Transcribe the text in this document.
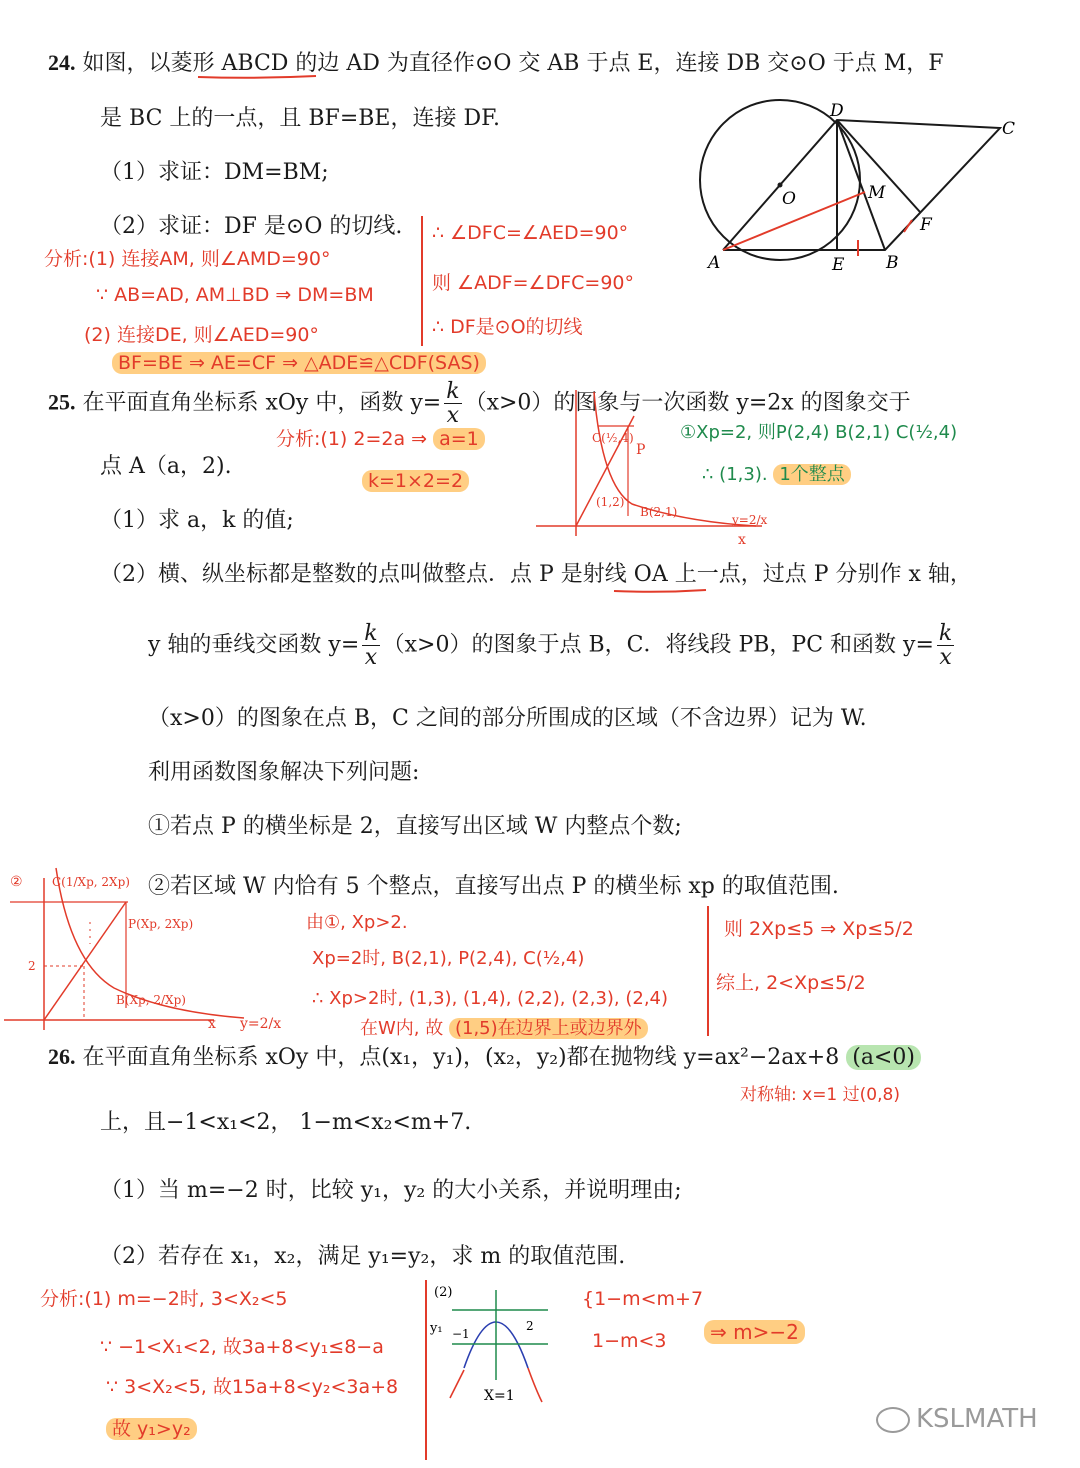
24. 如图，以菱形 ABCD 的边 AD 为直径作⊙O 交 AB 于点 E，连接 DB 交⊙O 于点 M，F
是 BC 上的一点，且 BF=BE，连接 DF.
（1）求证：DM=BM;
（2）求证：DF 是⊙O 的切线.
D
C
O	M
F
A	E B
分析:(1) 连接AM, 则∠AMD=90°
∵ AB=AD, AM⊥BD ⇒ DM=BM
(2) 连接DE, 则∠AED=90°
BF=BE ⇒ AE=CF ⇒ △ADE≌△CDF(SAS)
∴ ∠DFC=∠AED=90°
则 ∠ADF=∠DFC=90°
∴ DF是⊙O的切线
25. 在平面直角坐标系 xOy 中，函数 $y= \frac{k}{x} (x>0)$的图象与一次函数 y=2x 的图象交于
点 A（a，2).
（1）求 a，k 的值;
（2）横、纵坐标都是整数的点叫做整点．点 P 是射线 OA 上一点，过点 P 分别作 x 轴，
y 轴的垂线交函数 $y= \frac{k}{x} (x>0)$的图象于点 B，C．将线段 PB，PC 和函数 $y= \frac{k}{x}$
（x>0）的图象在点 B，C 之间的部分所围成的区域（不含边界）记为 W.
利用函数图象解决下列问题:
①若点 P 的横坐标是 2，直接写出区域 W 内整点个数;
②若区域 W 内恰有 5 个整点，直接写出点 P 的横坐标 xp 的取值范围.
分析:(1) 2=2a ⇒ a=1
k=1×2=2
C(½,4)
P
(1,2)
B(2,1)
y=2/x
x
①Xp=2, 则P(2,4) B(2,1) C(½,4)
∴ (1,3). 1个整点
② C(1/Xp, 2Xp)
P(Xp, 2Xp)
2
B(Xp, 2/Xp)
y=2/x
x
由①, Xp>2.
Xp=2时, B(2,1), P(2,4), C(½,4)
∴ Xp>2时, (1,3), (1,4), (2,2), (2,3), (2,4)
在W内, 故 (1,5)在边界上或边界外
则 2Xp≤5 ⇒ Xp≤5/2
综上, 2<Xp≤5/2
26. 在平面直角坐标系 xOy 中，点(x₁，y₁)，(x₂，y₂)都在抛物线 y=ax²−2ax+8 (a<0)
对称轴: x=1 过(0,8)
上，且−1<x₁<2， 1−m<x₂<m+7.
（1）当 m=−2 时，比较 y₁，y₂ 的大小关系，并说明理由;
（2）若存在 x₁，x₂，满足 y₁=y₂，求 m 的取值范围.
分析:(1) m=−2时, 3<X₂<5
∵ −1<X₁<2, 故3a+8<y₁≤8−a
∵ 3<X₂<5, 故15a+8<y₂<3a+8
故 y₁>y₂
(2)
y₁ −1
2
X=1
{1−m<m+7
1−m<3	⇒ m>−2
KSLMATH
